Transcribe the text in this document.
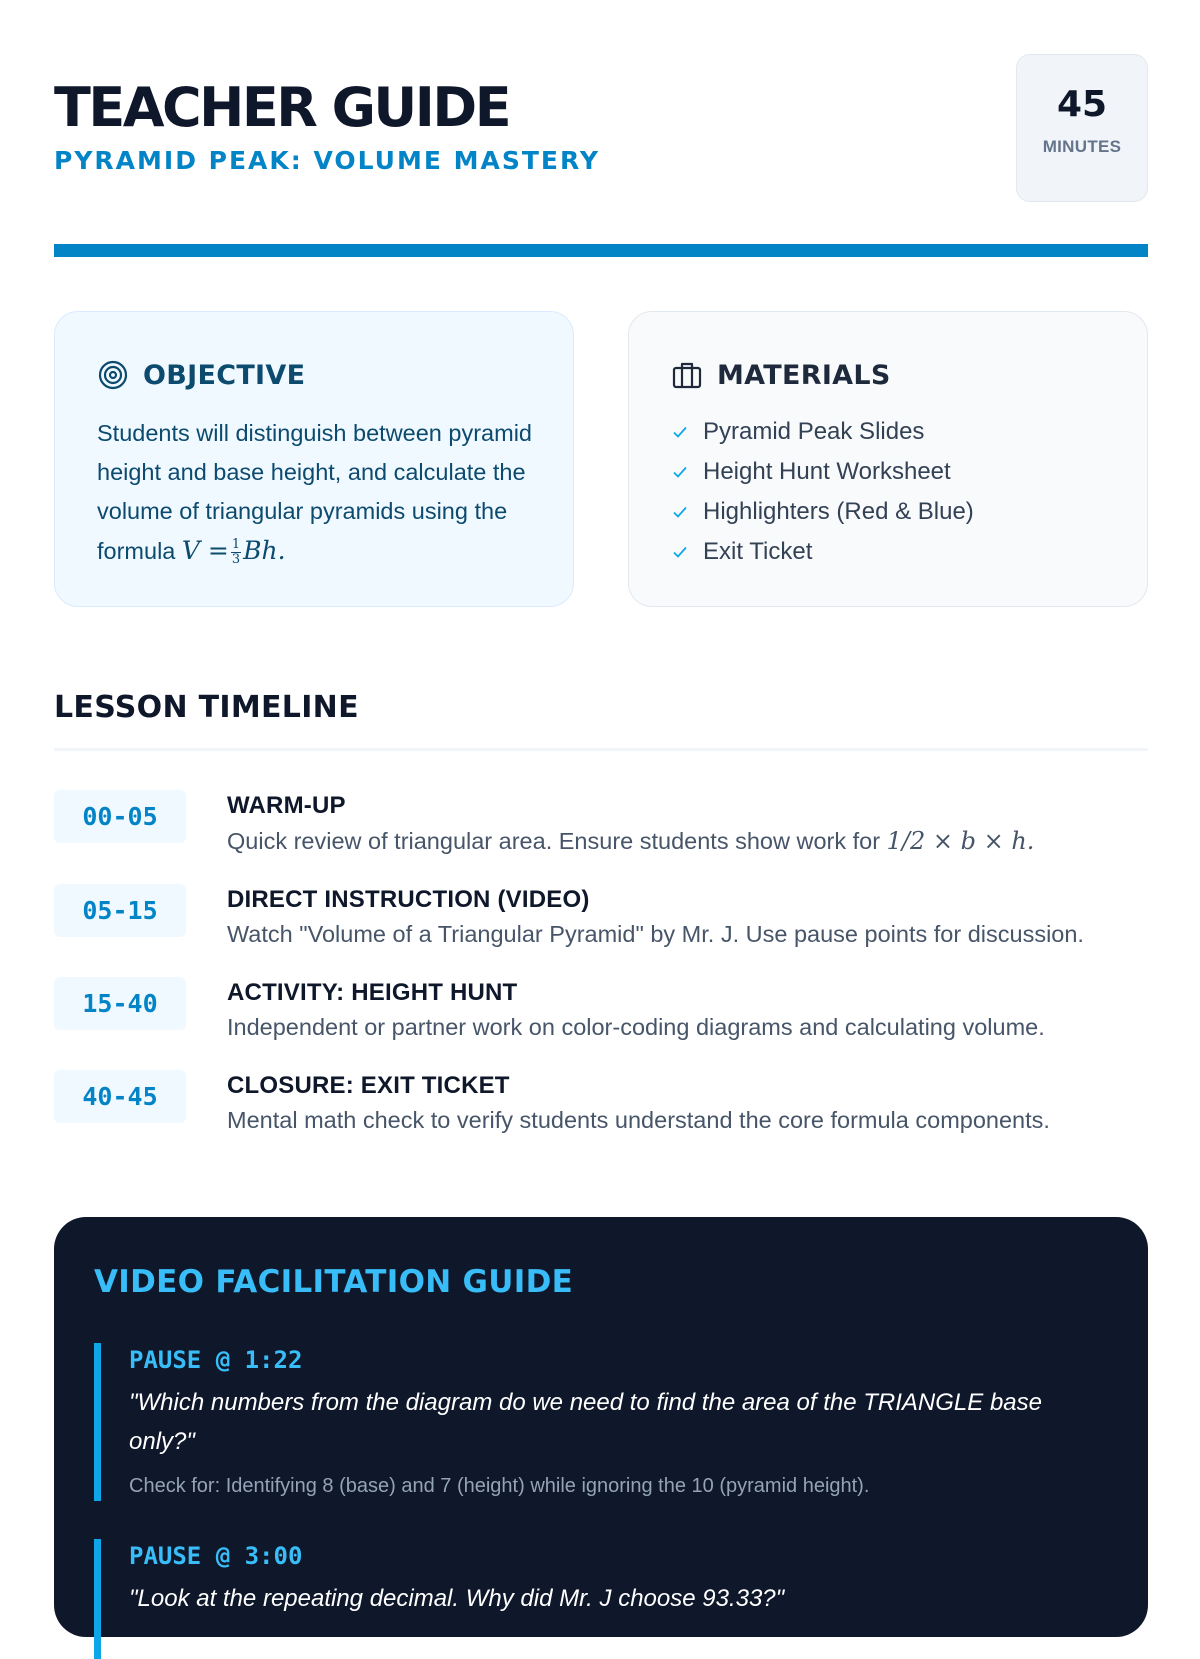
TEACHER GUIDE
PYRAMID PEAK: VOLUME MASTERY
45
MINUTES
OBJECTIVE
Students will distinguish between pyramid height and base height, and calculate the volume of triangular pyramids using the formula $V = \frac{1}{3} Bh$.
MATERIALS
Pyramid Peak Slides
Height Hunt Worksheet
Highlighters (Red & Blue)
Exit Ticket
LESSON TIMELINE
00-05	WARM-UP
Quick review of triangular area. Ensure students show work for 1/2 × b × h.
05-15	DIRECT INSTRUCTION (VIDEO)
Watch "Volume of a Triangular Pyramid" by Mr. J. Use pause points for discussion.
15-40	ACTIVITY: HEIGHT HUNT
Independent or partner work on color-coding diagrams and calculating volume.
40-45	CLOSURE: EXIT TICKET
Mental math check to verify students understand the core formula components.
VIDEO FACILITATION GUIDE
PAUSE @ 1:22
"Which numbers from the diagram do we need to find the area of the TRIANGLE base only?"
Check for: Identifying 8 (base) and 7 (height) while ignoring the 10 (pyramid height).
PAUSE @ 3:00
"Look at the repeating decimal. Why did Mr. J choose 93.33?"
